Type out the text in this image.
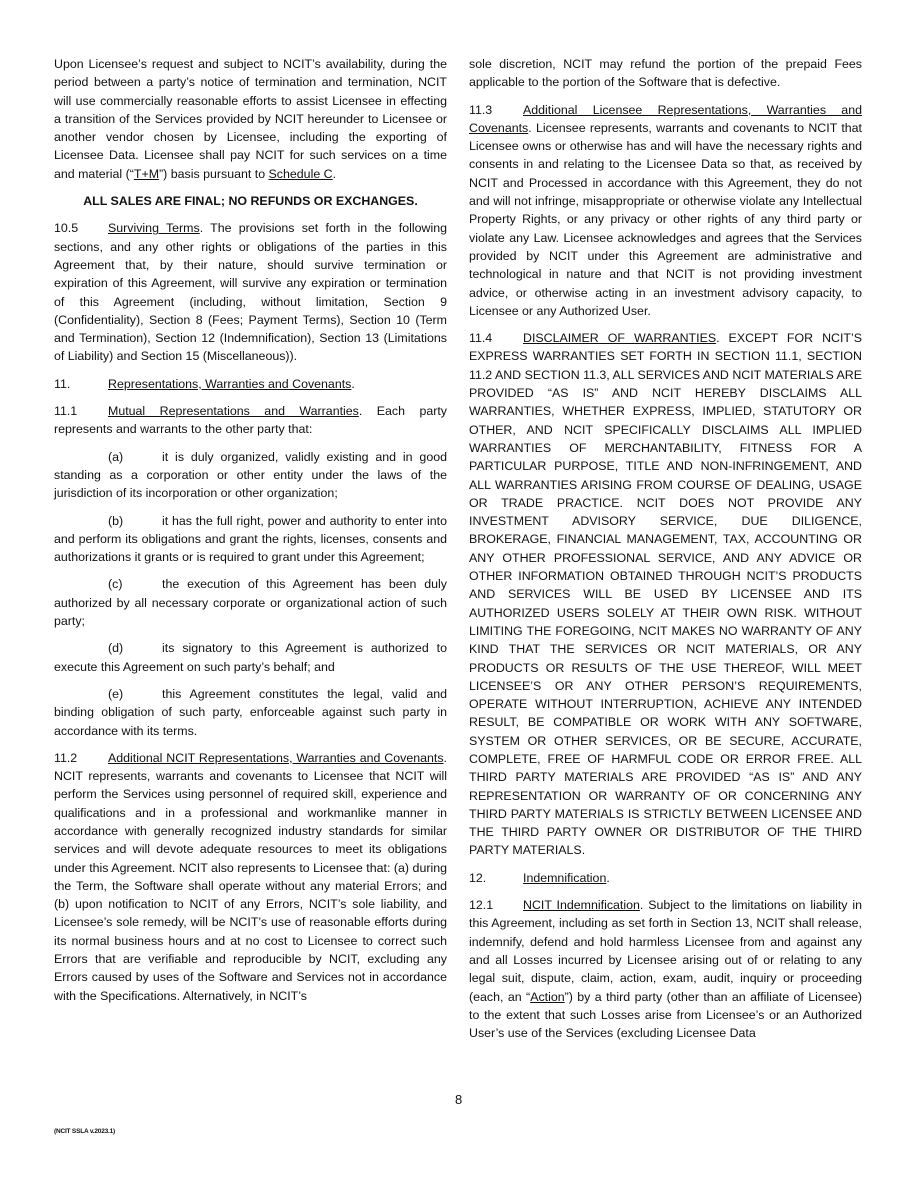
Upon Licensee’s request and subject to NCIT’s availability, during the period between a party’s notice of termination and termination, NCIT will use commercially reasonable efforts to assist Licensee in effecting a transition of the Services provided by NCIT hereunder to Licensee or another vendor chosen by Licensee, including the exporting of Licensee Data. Licensee shall pay NCIT for such services on a time and material (“T+M”) basis pursuant to Schedule C.

ALL SALES ARE FINAL; NO REFUNDS OR EXCHANGES.

10.5 Surviving Terms. The provisions set forth in the following sections, and any other rights or obligations of the parties in this Agreement that, by their nature, should survive termination or expiration of this Agreement, will survive any expiration or termination of this Agreement (including, without limitation, Section 9 (Confidentiality), Section 8 (Fees; Payment Terms), Section 10 (Term and Termination), Section 12 (Indemnification), Section 13 (Limitations of Liability) and Section 15 (Miscellaneous)).

11.	Representations, Warranties and Covenants.

11.1 Mutual Representations and Warranties. Each party represents and warrants to the other party that:

(a)	it is duly organized, validly existing and in good standing as a corporation or other entity under the laws of the jurisdiction of its incorporation or other organization;

(b)	it has the full right, power and authority to enter into and perform its obligations and grant the rights, licenses, consents and authorizations it grants or is required to grant under this Agreement;

(c)	the execution of this Agreement has been duly authorized by all necessary corporate or organizational action of such party;

(d)	its signatory to this Agreement is authorized to execute this Agreement on such party’s behalf; and

(e)	this Agreement constitutes the legal, valid and binding obligation of such party, enforceable against such party in accordance with its terms.

11.2 Additional NCIT Representations, Warranties and Covenants. NCIT represents, warrants and covenants to Licensee that NCIT will perform the Services using personnel of required skill, experience and qualifications and in a professional and workmanlike manner in accordance with generally recognized industry standards for similar services and will devote adequate resources to meet its obligations under this Agreement. NCIT also represents to Licensee that: (a) during the Term, the Software shall operate without any material Errors; and (b) upon notification to NCIT of any Errors, NCIT’s sole liability, and Licensee’s sole remedy, will be NCIT’s use of reasonable efforts during its normal business hours and at no cost to Licensee to correct such Errors that are verifiable and reproducible by NCIT, excluding any Errors caused by uses of the Software and Services not in accordance with the Specifications. Alternatively, in NCIT’s

sole discretion, NCIT may refund the portion of the prepaid Fees applicable to the portion of the Software that is defective.

11.3 Additional Licensee Representations, Warranties and Covenants. Licensee represents, warrants and covenants to NCIT that Licensee owns or otherwise has and will have the necessary rights and consents in and relating to the Licensee Data so that, as received by NCIT and Processed in accordance with this Agreement, they do not and will not infringe, misappropriate or otherwise violate any Intellectual Property Rights, or any privacy or other rights of any third party or violate any Law. Licensee acknowledges and agrees that the Services provided by NCIT under this Agreement are administrative and technological in nature and that NCIT is not providing investment advice, or otherwise acting in an investment advisory capacity, to Licensee or any Authorized User.

11.4 DISCLAIMER OF WARRANTIES. EXCEPT FOR NCIT’S EXPRESS WARRANTIES SET FORTH IN SECTION 11.1, SECTION 11.2 AND SECTION 11.3, ALL SERVICES AND NCIT MATERIALS ARE PROVIDED “AS IS” AND NCIT HEREBY DISCLAIMS ALL WARRANTIES, WHETHER EXPRESS, IMPLIED, STATUTORY OR OTHER, AND NCIT SPECIFICALLY DISCLAIMS ALL IMPLIED WARRANTIES OF MERCHANTABILITY, FITNESS FOR A PARTICULAR PURPOSE, TITLE AND NON-INFRINGEMENT, AND ALL WARRANTIES ARISING FROM COURSE OF DEALING, USAGE OR TRADE PRACTICE. NCIT DOES NOT PROVIDE ANY INVESTMENT ADVISORY SERVICE, DUE DILIGENCE, BROKERAGE, FINANCIAL MANAGEMENT, TAX, ACCOUNTING OR ANY OTHER PROFESSIONAL SERVICE, AND ANY ADVICE OR OTHER INFORMATION OBTAINED THROUGH NCIT’S PRODUCTS AND SERVICES WILL BE USED BY LICENSEE AND ITS AUTHORIZED USERS SOLELY AT THEIR OWN RISK. WITHOUT LIMITING THE FOREGOING, NCIT MAKES NO WARRANTY OF ANY KIND THAT THE SERVICES OR NCIT MATERIALS, OR ANY PRODUCTS OR RESULTS OF THE USE THEREOF, WILL MEET LICENSEE’S OR ANY OTHER PERSON’S REQUIREMENTS, OPERATE WITHOUT INTERRUPTION, ACHIEVE ANY INTENDED RESULT, BE COMPATIBLE OR WORK WITH ANY SOFTWARE, SYSTEM OR OTHER SERVICES, OR BE SECURE, ACCURATE, COMPLETE, FREE OF HARMFUL CODE OR ERROR FREE. ALL THIRD PARTY MATERIALS ARE PROVIDED “AS IS” AND ANY REPRESENTATION OR WARRANTY OF OR CONCERNING ANY THIRD PARTY MATERIALS IS STRICTLY BETWEEN LICENSEE AND THE THIRD PARTY OWNER OR DISTRIBUTOR OF THE THIRD PARTY MATERIALS.

12.	Indemnification.

12.1 NCIT Indemnification. Subject to the limitations on liability in this Agreement, including as set forth in Section 13, NCIT shall release, indemnify, defend and hold harmless Licensee from and against any and all Losses incurred by Licensee arising out of or relating to any legal suit, dispute, claim, action, exam, audit, inquiry or proceeding (each, an “Action”) by a third party (other than an affiliate of Licensee) to the extent that such Losses arise from Licensee’s or an Authorized User’s use of the Services (excluding Licensee Data

8
(NCIT SSLA v.2023.1)
